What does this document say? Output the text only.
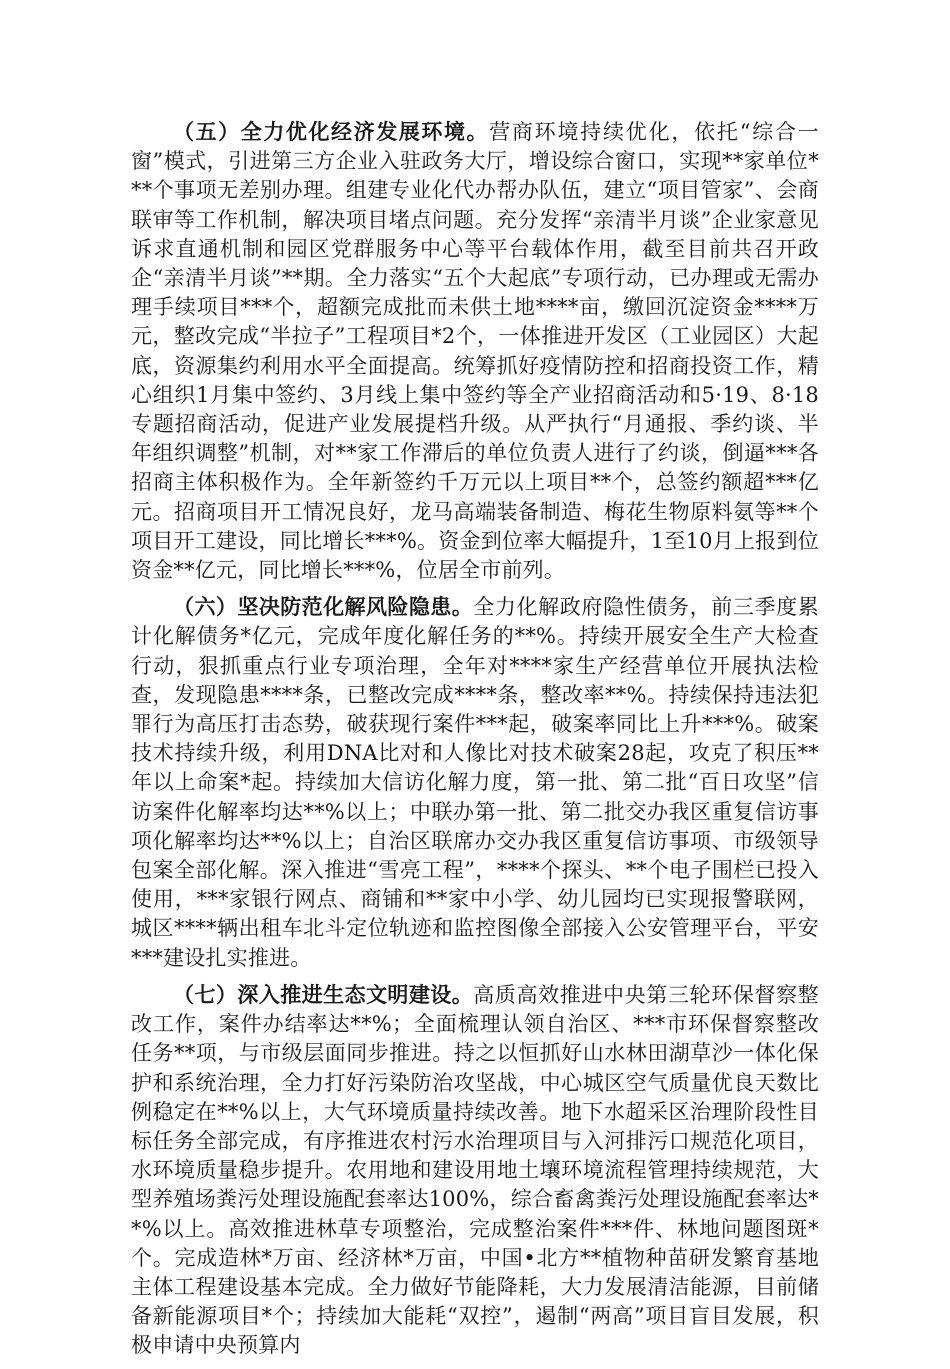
（五）全力优化经济发展环境。营商环境持续优化，依托“综合一窗”模式，引进第三方企业入驻政务大厅，增设综合窗口，实现**家单位***个事项无差别办理。组建专业化代办帮办队伍，建立“项目管家”、会商联审等工作机制，解决项目堵点问题。充分发挥“亲清半月谈”企业家意见诉求直通机制和园区党群服务中心等平台载体作用，截至目前共召开政企“亲清半月谈”**期。全力落实“五个大起底”专项行动，已办理或无需办理手续项目***个，超额完成批而未供土地****亩，缴回沉淀资金****万元，整改完成“半拉子”工程项目*2个，一体推进开发区（工业园区）大起底，资源集约利用水平全面提高。统筹抓好疫情防控和招商投资工作，精心组织1月集中签约、3月线上集中签约等全产业招商活动和5·19、8·18专题招商活动，促进产业发展提档升级。从严执行“月通报、季约谈、半年组织调整”机制，对**家工作滞后的单位负责人进行了约谈，倒逼***各招商主体积极作为。全年新签约千万元以上项目**个，总签约额超***亿元。招商项目开工情况良好，龙马高端装备制造、梅花生物原料氨等**个项目开工建设，同比增长***%。资金到位率大幅提升，1至10月上报到位资金**亿元，同比增长***%，位居全市前列。

（六）坚决防范化解风险隐患。全力化解政府隐性债务，前三季度累计化解债务*亿元，完成年度化解任务的**%。持续开展安全生产大检查行动，狠抓重点行业专项治理，全年对****家生产经营单位开展执法检查，发现隐患****条，已整改完成****条，整改率**%。持续保持违法犯罪行为高压打击态势，破获现行案件***起，破案率同比上升***%。破案技术持续升级，利用DNA比对和人像比对技术破案28起，攻克了积压**年以上命案*起。持续加大信访化解力度，第一批、第二批“百日攻坚”信访案件化解率均达**%以上；中联办第一批、第二批交办我区重复信访事项化解率均达**%以上；自治区联席办交办我区重复信访事项、市级领导包案全部化解。深入推进“雪亮工程”，****个探头、**个电子围栏已投入使用，***家银行网点、商铺和**家中小学、幼儿园均已实现报警联网，城区****辆出租车北斗定位轨迹和监控图像全部接入公安管理平台，平安***建设扎实推进。

（七）深入推进生态文明建设。高质高效推进中央第三轮环保督察整改工作，案件办结率达**%；全面梳理认领自治区、***市环保督察整改任务**项，与市级层面同步推进。持之以恒抓好山水林田湖草沙一体化保护和系统治理，全力打好污染防治攻坚战，中心城区空气质量优良天数比例稳定在**%以上，大气环境质量持续改善。地下水超采区治理阶段性目标任务全部完成，有序推进农村污水治理项目与入河排污口规范化项目，水环境质量稳步提升。农用地和建设用地土壤环境流程管理持续规范，大型养殖场粪污处理设施配套率达100%，综合畜禽粪污处理设施配套率达**%以上。高效推进林草专项整治，完成整治案件***件、林地问题图斑*个。完成造林*万亩、经济林*万亩，中国•北方**植物种苗研发繁育基地主体工程建设基本完成。全力做好节能降耗，大力发展清洁能源，目前储备新能源项目*个；持续加大能耗“双控”，遏制“两高”项目盲目发展，积极申请中央预算内
